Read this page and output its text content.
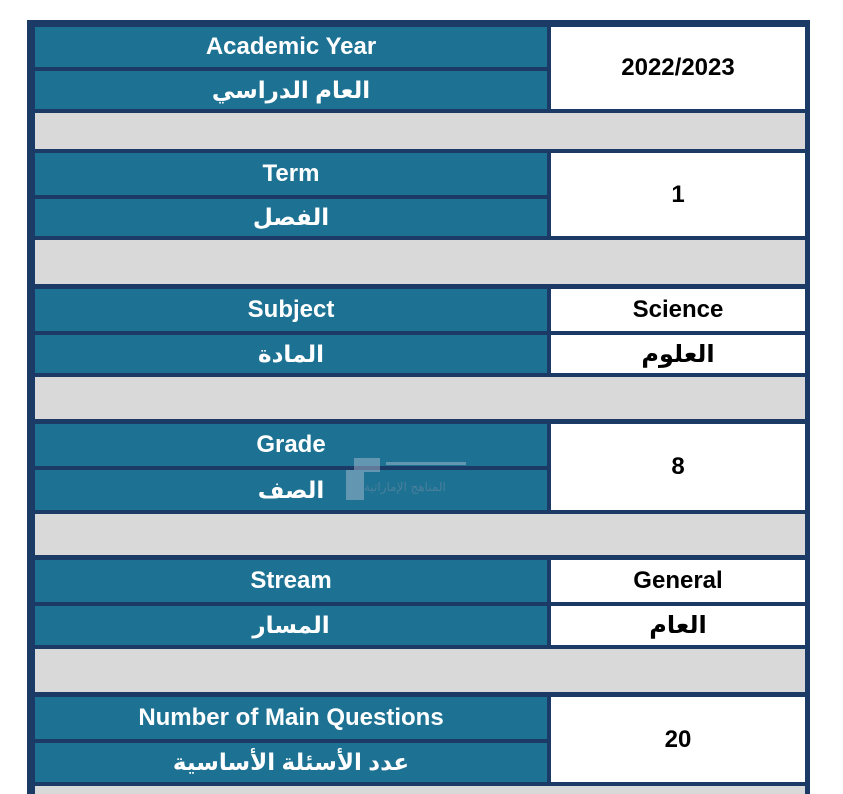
Academic Year
العام الدراسي
2022/2023
Term
الفصل
1
Subject
المادة
Science
العلوم
Grade
الصف
8
Stream
المسار
General
العام
Number of Main Questions
عدد الأسئلة الأساسية
20
المناهج الإماراتية
